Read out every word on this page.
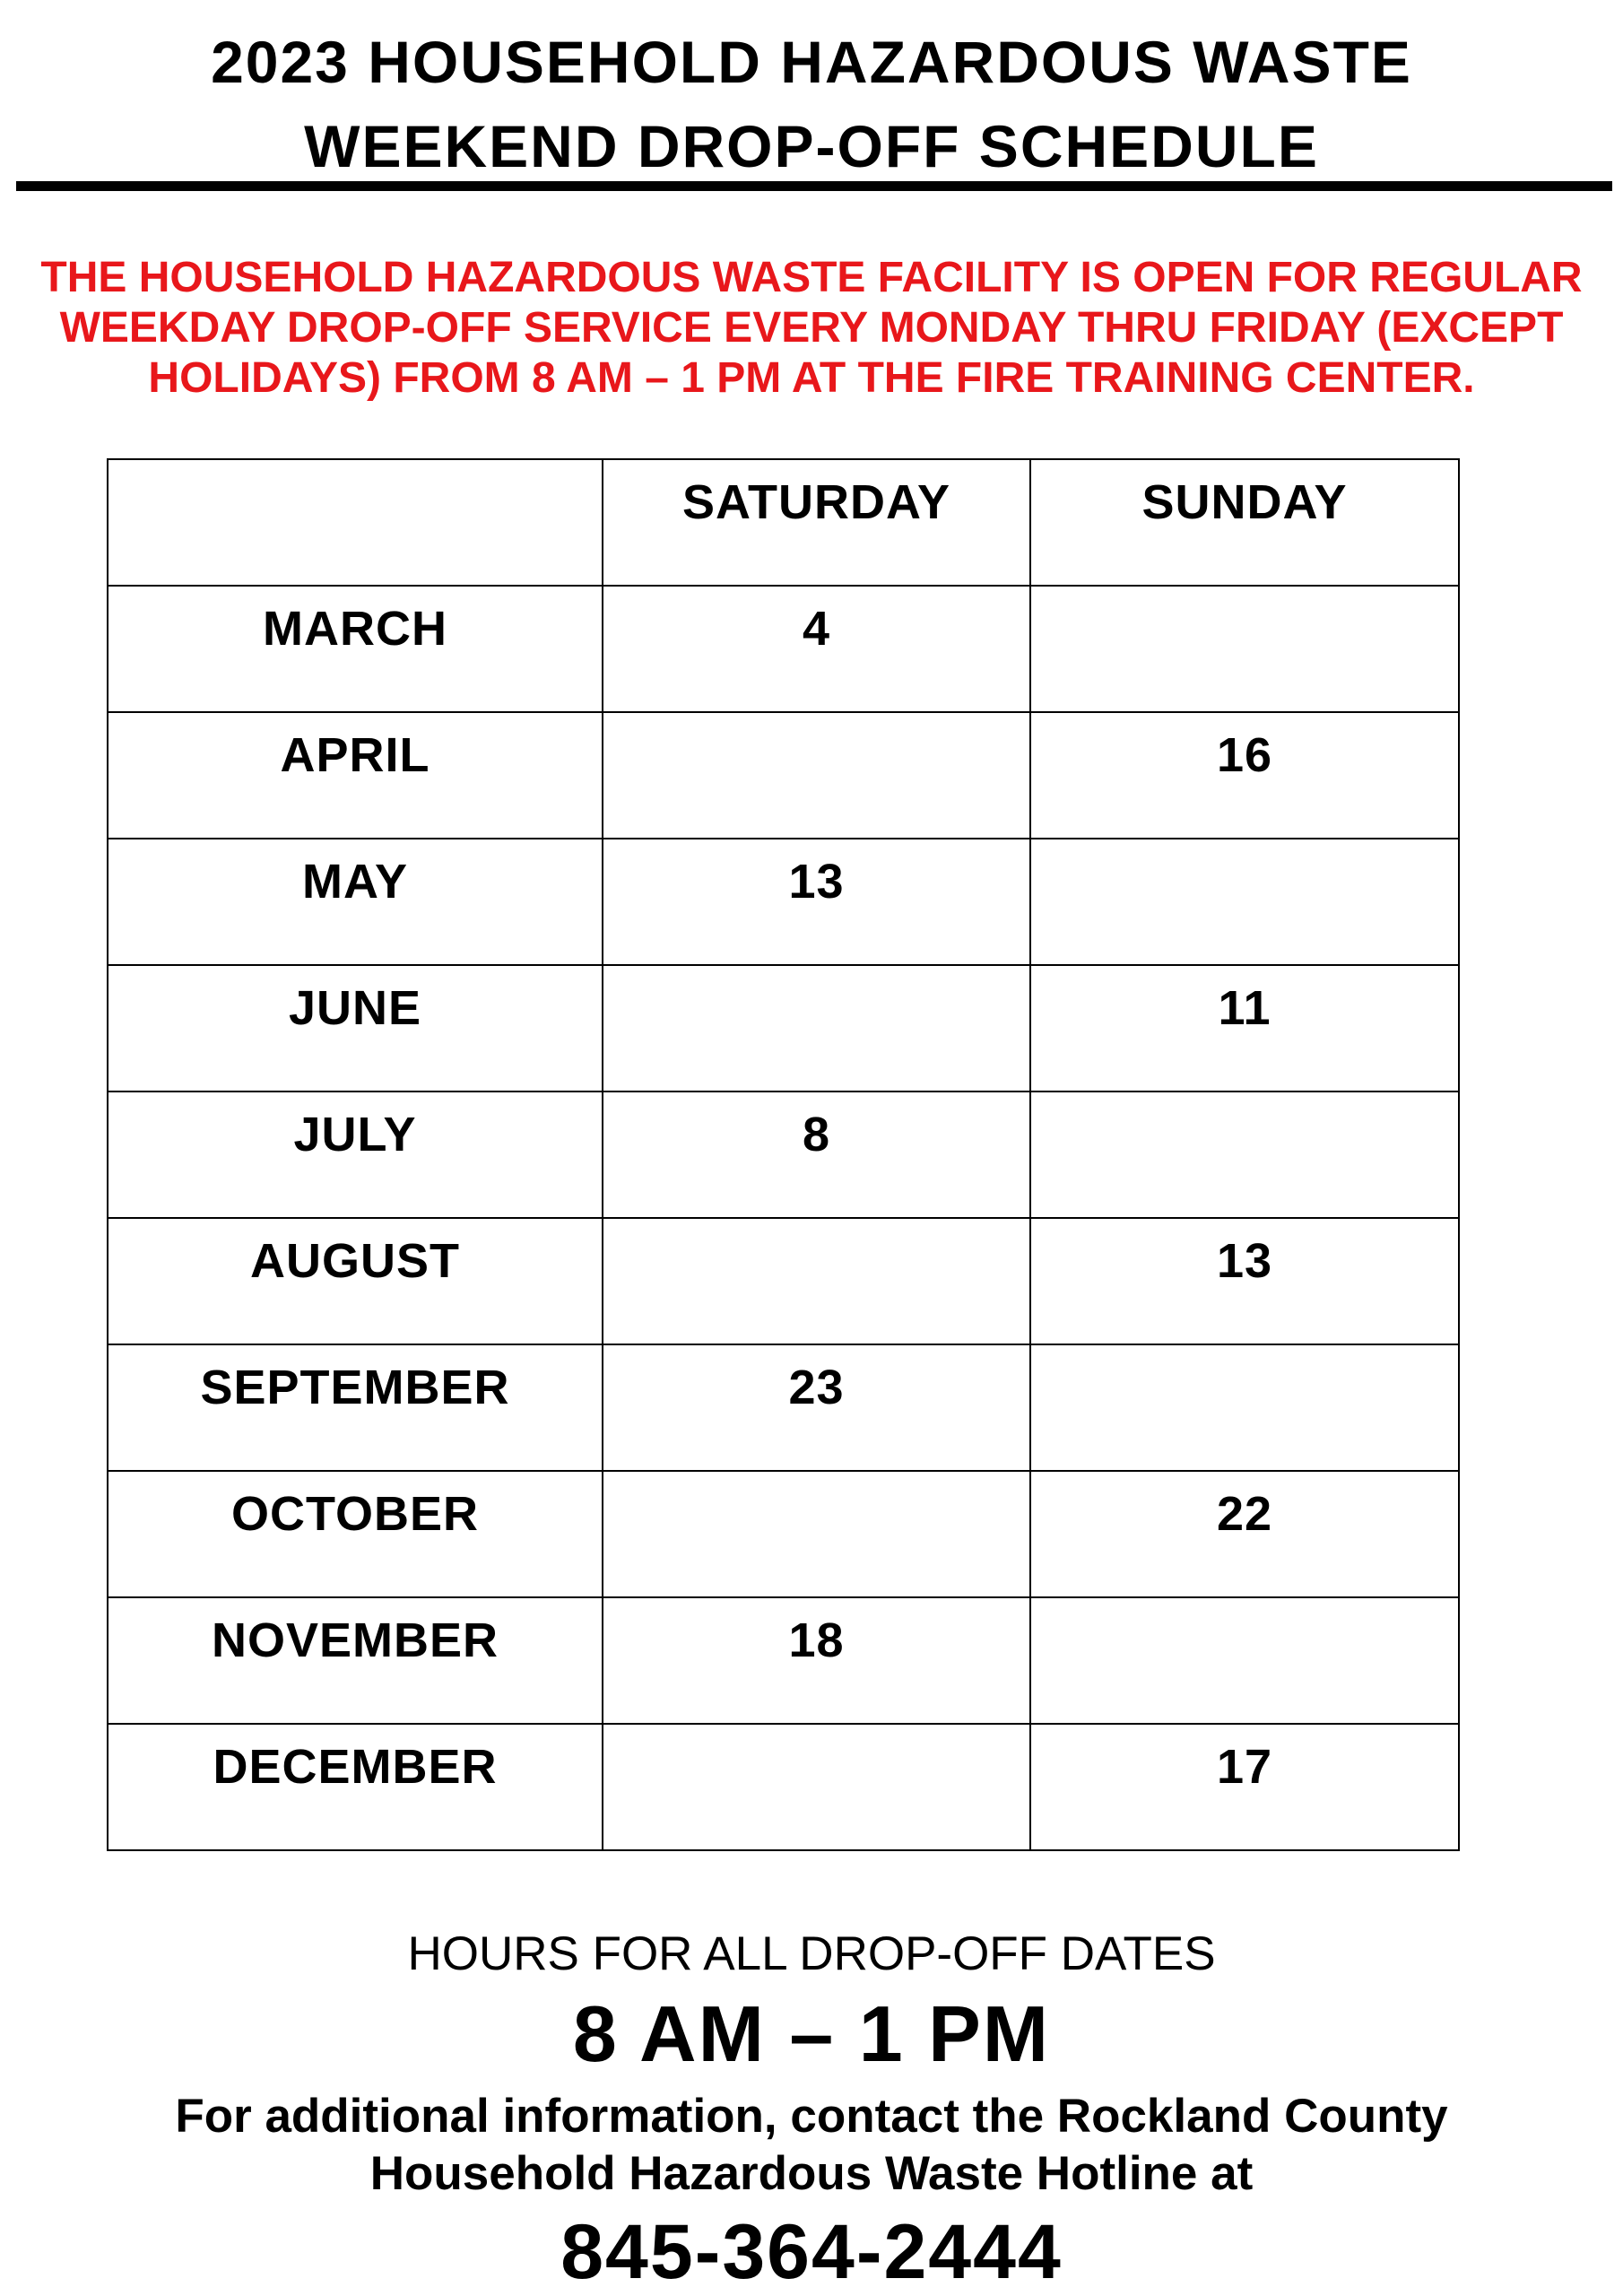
2023 HOUSEHOLD HAZARDOUS WASTE
WEEKEND DROP-OFF SCHEDULE
THE HOUSEHOLD HAZARDOUS WASTE FACILITY IS OPEN FOR REGULAR
WEEKDAY DROP-OFF SERVICE EVERY MONDAY THRU FRIDAY (EXCEPT
HOLIDAYS) FROM 8 AM – 1 PM AT THE FIRE TRAINING CENTER.

	SATURDAY	SUNDAY

MARCH	4	

APRIL		16

MAY	13	

JUNE		11

JULY	8	

AUGUST		13

SEPTEMBER	23	

OCTOBER		22

NOVEMBER	18	

DECEMBER		17
HOURS FOR ALL DROP-OFF DATES
8 AM – 1 PM
For additional information, contact the Rockland County
Household Hazardous Waste Hotline at
845-364-2444
